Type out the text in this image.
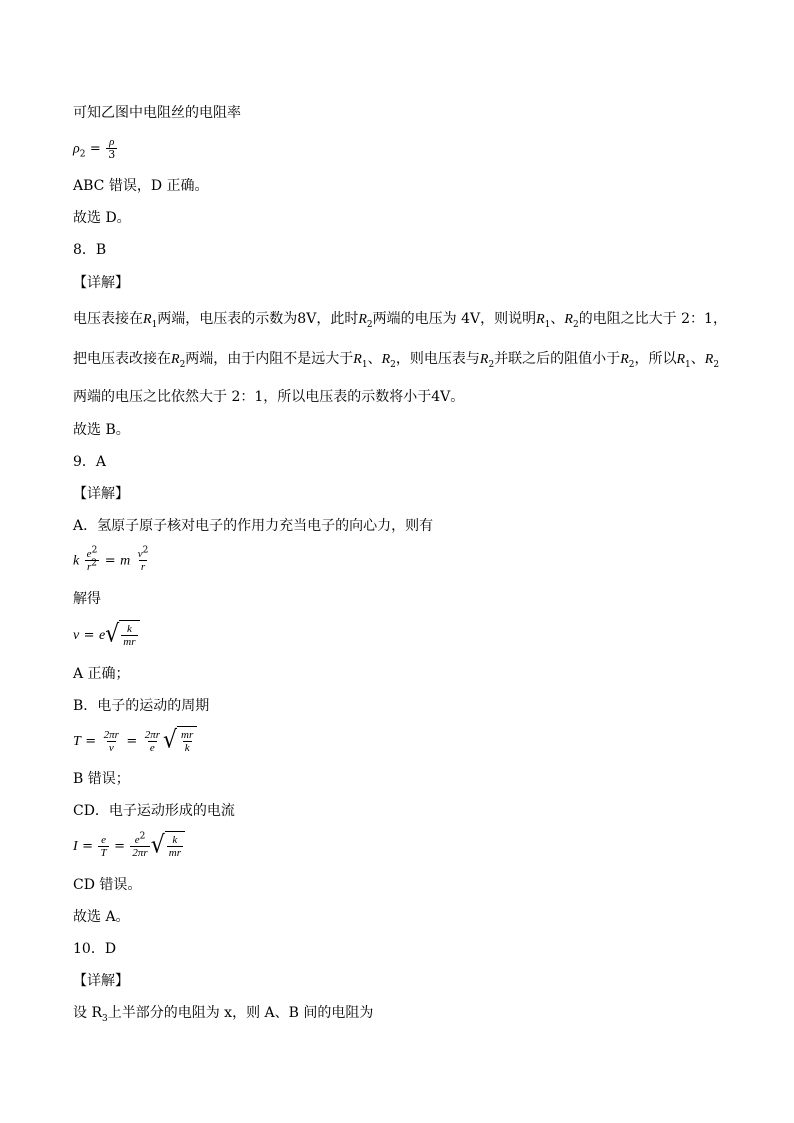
可知乙图中电阻丝的电阻率
$\rho_2 = \frac{\rho}{3}$
ABC 错误，D 正确。
故选 D。
8．B
【详解】
电压表接在$R_1$两端，电压表的示数为8V，此时$R_2$两端的电压为 4V，则说明$R_1$、$R_2$的电阻之比大于 2：1，
把电压表改接在$R_2$两端，由于内阻不是远大于$R_1$、$R_2$，则电压表与$R_2$并联之后的阻值小于$R_2$，所以$R_1$、$R_2$
两端的电压之比依然大于 2：1，所以电压表的示数将小于4V。
故选 B。
9．A
【详解】
A．氢原子原子核对电子的作用力充当电子的向心力，则有
k $\frac{e^2}{r^2} = m \frac{v^2}{r}$
解得
v = e √ $\frac{k}{mr}$
A 正确；
B．电子的运动的周期
$T = \frac{2\pi r}{v} = \frac{2\pi r}{e}$ √ $\frac{mr}{k}$
B 错误；
CD．电子运动形成的电流
$I = \frac{e}{T} = \frac{e^2}{2\pi r}$ √ $\frac{k}{mr}$
CD 错误。
故选 A。
10．D
【详解】
设 $R_3$上半部分的电阻为 x，则 A、B 间的电阻为
